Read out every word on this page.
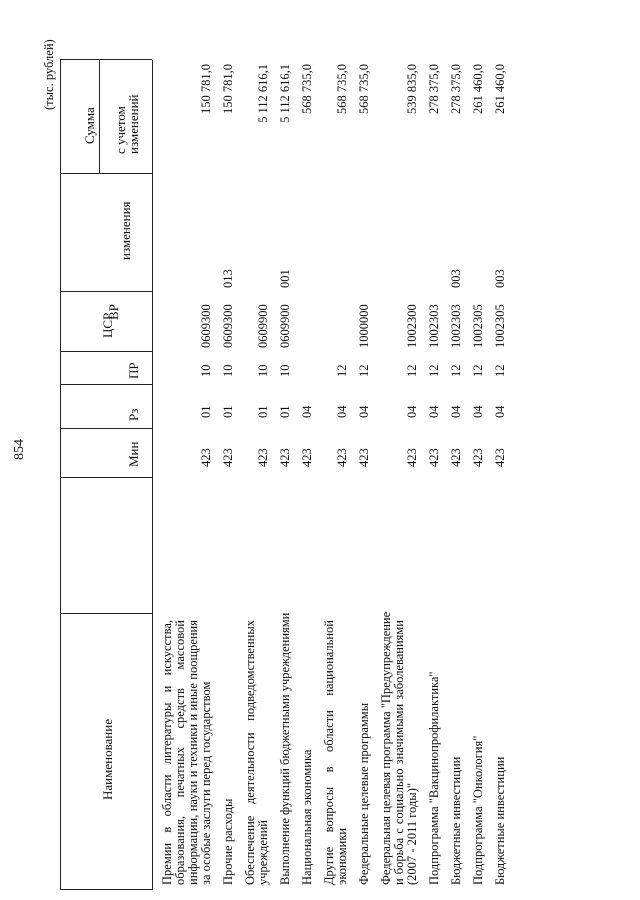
854
(тыс. рублей)
Наименование
Мин
Рз
ПР
ЦСР
ВР
Сумма
изменения
с учетом
изменений
Премии в области литературы и искусства, образования, печатных средств массовой информации, науки и техники и иные поощрения за особые заслуги перед государством
423
01
10
0609300
150 781,0
Прочие расходы
423
01
10
0609300
013
150 781,0
Обеспечение деятельности подведомственных учреждений
423
01
10
0609900
5 112 616,1
Выполнение функций бюджетными учреждениями
423
01
10
0609900
001
5 112 616,1
Национальная экономика
423
04
568 735,0
Другие вопросы в области национальной экономики
423
04
12
568 735,0
Федеральные целевые программы
423
04
12
1000000
568 735,0
Федеральная целевая программа "Предупреждение и борьба с социально значимыми заболеваниями (2007 - 2011 годы)"
423
04
12
1002300
539 835,0
Подпрограмма "Вакцинопрофилактика"
423
04
12
1002303
278 375,0
Бюджетные инвестиции
423
04
12
1002303
003
278 375,0
Подпрограмма "Онкология"
423
04
12
1002305
261 460,0
Бюджетные инвестиции
423
04
12
1002305
003
261 460,0
